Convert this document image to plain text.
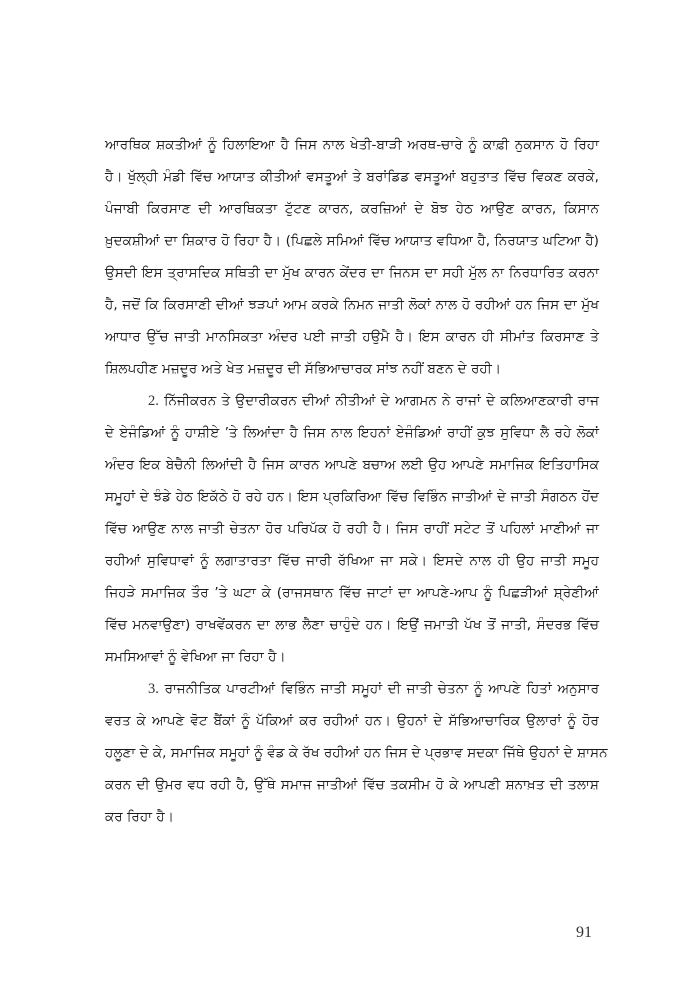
ਆਰਥਿਕ ਸ਼ਕਤੀਆਂ ਨੂੰ ਹਿਲਾਇਆ ਹੈ ਜਿਸ ਨਾਲ ਖੇਤੀ-ਬਾੜੀ ਅਰਥ-ਚਾਰੇ ਨੂੰ ਕਾਫ਼ੀ ਨੁਕਸਾਨ ਹੋ ਰਿਹਾ
ਹੈ। ਖੁੱਲ੍ਹੀ ਮੰਡੀ ਵਿੱਚ ਆਯਾਤ ਕੀਤੀਆਂ ਵਸਤੂਆਂ ਤੇ ਬਰਾਂਡਿਡ ਵਸਤੂਆਂ ਬਹੁਤਾਤ ਵਿੱਚ ਵਿਕਣ ਕਰਕੇ,
ਪੰਜਾਬੀ ਕਿਰਸਾਣ ਦੀ ਆਰਥਿਕਤਾ ਟੁੱਟਣ ਕਾਰਨ, ਕਰਜ਼ਿਆਂ ਦੇ ਬੋਝ ਹੇਠ ਆਉਣ ਕਾਰਨ, ਕਿਸਾਨ
ਖ਼ੁਦਕਸ਼ੀਆਂ ਦਾ ਸ਼ਿਕਾਰ ਹੋ ਰਿਹਾ ਹੈ। (ਪਿਛਲੇ ਸਮਿਆਂ ਵਿੱਚ ਆਯਾਤ ਵਧਿਆ ਹੈ, ਨਿਰਯਾਤ ਘਟਿਆ ਹੈ)
ਉਸਦੀ ਇਸ ਤ੍ਰਾਸਦਿਕ ਸਥਿਤੀ ਦਾ ਮੁੱਖ ਕਾਰਨ ਕੇਂਦਰ ਦਾ ਜਿਨਸ ਦਾ ਸਹੀ ਮੁੱਲ ਨਾ ਨਿਰਧਾਰਿਤ ਕਰਨਾ
ਹੈ, ਜਦੋਂ ਕਿ ਕਿਰਸਾਣੀ ਦੀਆਂ ਝੜਪਾਂ ਆਮ ਕਰਕੇ ਨਿਮਨ ਜਾਤੀ ਲੋਕਾਂ ਨਾਲ ਹੋ ਰਹੀਆਂ ਹਨ ਜਿਸ ਦਾ ਮੁੱਖ
ਆਧਾਰ ਉੱਚ ਜਾਤੀ ਮਾਨਸਿਕਤਾ ਅੰਦਰ ਪਈ ਜਾਤੀ ਹਉਮੈ ਹੈ। ਇਸ ਕਾਰਨ ਹੀ ਸੀਮਾਂਤ ਕਿਰਸਾਣ ਤੇ
ਸ਼ਿਲਪਹੀਣ ਮਜ਼ਦੂਰ ਅਤੇ ਖੇਤ ਮਜ਼ਦੂਰ ਦੀ ਸੱਭਿਆਚਾਰਕ ਸਾਂਝ ਨਹੀਂ ਬਣਨ ਦੇ ਰਹੀ।
2. ਨਿੱਜੀਕਰਨ ਤੇ ਉਦਾਰੀਕਰਨ ਦੀਆਂ ਨੀਤੀਆਂ ਦੇ ਆਗਮਨ ਨੇ ਰਾਜਾਂ ਦੇ ਕਲਿਆਣਕਾਰੀ ਰਾਜ
ਦੇ ਏਜੰਡਿਆਂ ਨੂੰ ਹਾਸ਼ੀਏ ’ਤੇ ਲਿਆਂਦਾ ਹੈ ਜਿਸ ਨਾਲ ਇਹਨਾਂ ਏਜੰਡਿਆਂ ਰਾਹੀਂ ਕੁਝ ਸੁਵਿਧਾ ਲੈ ਰਹੇ ਲੋਕਾਂ
ਅੰਦਰ ਇਕ ਬੇਚੈਨੀ ਲਿਆਂਦੀ ਹੈ ਜਿਸ ਕਾਰਨ ਆਪਣੇ ਬਚਾਅ ਲਈ ਉਹ ਆਪਣੇ ਸਮਾਜਿਕ ਇਤਿਹਾਸਿਕ
ਸਮੂਹਾਂ ਦੇ ਝੰਡੇ ਹੇਠ ਇਕੱਠੇ ਹੋ ਰਹੇ ਹਨ। ਇਸ ਪ੍ਰਕਿਰਿਆ ਵਿੱਚ ਵਿਭਿੰਨ ਜਾਤੀਆਂ ਦੇ ਜਾਤੀ ਸੰਗਠਨ ਹੋਂਦ
ਵਿੱਚ ਆਉਣ ਨਾਲ ਜਾਤੀ ਚੇਤਨਾ ਹੋਰ ਪਰਿਪੱਕ ਹੋ ਰਹੀ ਹੈ। ਜਿਸ ਰਾਹੀਂ ਸਟੇਟ ਤੋਂ ਪਹਿਲਾਂ ਮਾਣੀਆਂ ਜਾ
ਰਹੀਆਂ ਸੁਵਿਧਾਵਾਂ ਨੂੰ ਲਗਾਤਾਰਤਾ ਵਿੱਚ ਜਾਰੀ ਰੱਖਿਆ ਜਾ ਸਕੇ। ਇਸਦੇ ਨਾਲ ਹੀ ਉਹ ਜਾਤੀ ਸਮੂਹ
ਜਿਹੜੇ ਸਮਾਜਿਕ ਤੌਰ ’ਤੇ ਘਟਾ ਕੇ (ਰਾਜਸਥਾਨ ਵਿੱਚ ਜਾਟਾਂ ਦਾ ਆਪਣੇ-ਆਪ ਨੂੰ ਪਿਛੜੀਆਂ ਸ਼੍ਰੇਣੀਆਂ
ਵਿੱਚ ਮਨਵਾਉਣਾ) ਰਾਖਵੇਂਕਰਨ ਦਾ ਲਾਭ ਲੈਣਾ ਚਾਹੁੰਦੇ ਹਨ। ਇਉਂ ਜਮਾਤੀ ਪੱਖ ਤੋਂ ਜਾਤੀ, ਸੰਦਰਭ ਵਿੱਚ
ਸਮਸਿਆਵਾਂ ਨੂੰ ਵੇਖਿਆ ਜਾ ਰਿਹਾ ਹੈ।
3. ਰਾਜਨੀਤਿਕ ਪਾਰਟੀਆਂ ਵਿਭਿੰਨ ਜਾਤੀ ਸਮੂਹਾਂ ਦੀ ਜਾਤੀ ਚੇਤਨਾ ਨੂੰ ਆਪਣੇ ਹਿਤਾਂ ਅਨੁਸਾਰ
ਵਰਤ ਕੇ ਆਪਣੇ ਵੋਟ ਬੈਂਕਾਂ ਨੂੰ ਪੱਕਿਆਂ ਕਰ ਰਹੀਆਂ ਹਨ। ਉਹਨਾਂ ਦੇ ਸੱਭਿਆਚਾਰਿਕ ਉਲਾਰਾਂ ਨੂੰ ਹੋਰ
ਹਲੂਣਾ ਦੇ ਕੇ, ਸਮਾਜਿਕ ਸਮੂਹਾਂ ਨੂੰ ਵੰਡ ਕੇ ਰੱਖ ਰਹੀਆਂ ਹਨ ਜਿਸ ਦੇ ਪ੍ਰਭਾਵ ਸਦਕਾ ਜਿੱਥੇ ਉਹਨਾਂ ਦੇ ਸ਼ਾਸਨ
ਕਰਨ ਦੀ ਉਮਰ ਵਧ ਰਹੀ ਹੈ, ਉੱਥੇ ਸਮਾਜ ਜਾਤੀਆਂ ਵਿੱਚ ਤਕਸੀਮ ਹੋ ਕੇ ਆਪਣੀ ਸ਼ਨਾਖ਼ਤ ਦੀ ਤਲਾਸ਼
ਕਰ ਰਿਹਾ ਹੈ।
91
